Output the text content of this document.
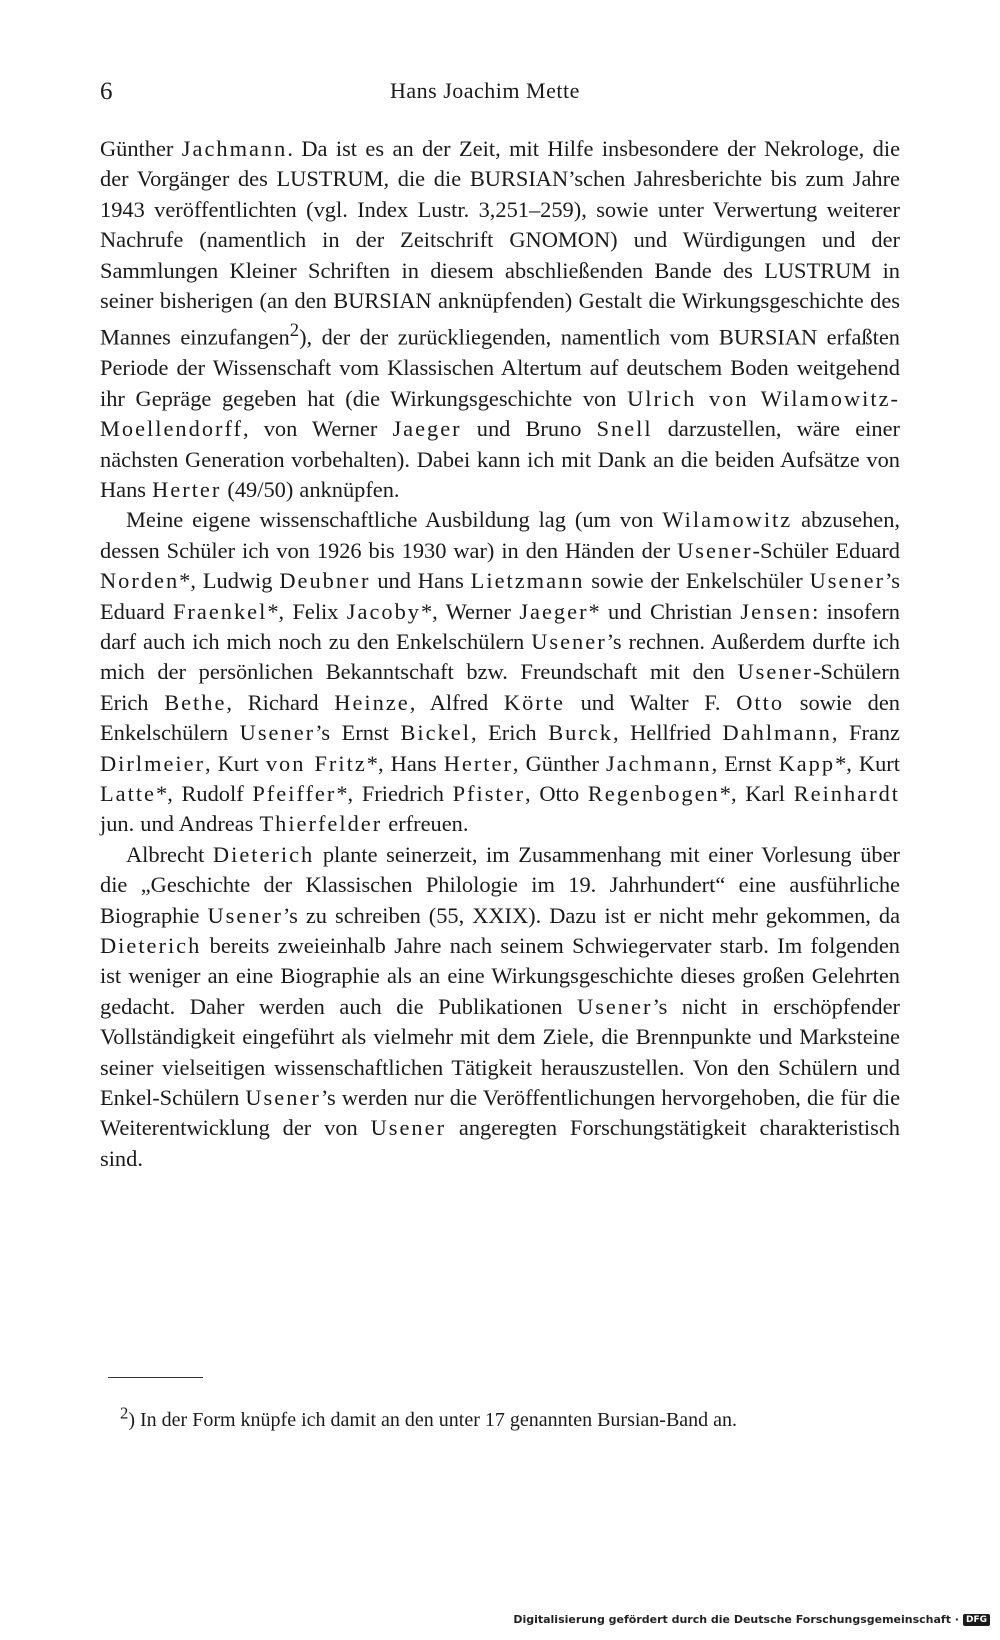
6	Hans Joachim Mette

Günther Jachmann. Da ist es an der Zeit, mit Hilfe insbesondere der Nekrologe, die der Vorgänger des LUSTRUM, die die BURSIAN’schen Jahresberichte bis zum Jahre 1943 veröffentlichten (vgl. Index Lustr. 3,251–259), sowie unter Verwertung weiterer Nachrufe (namentlich in der Zeitschrift GNOMON) und Würdigungen und der Sammlungen Kleiner Schriften in diesem abschließenden Bande des LUSTRUM in seiner bisherigen (an den BURSIAN anknüpfenden) Gestalt die Wirkungsgeschichte des Mannes einzufangen$^2$), der der zurückliegenden, namentlich vom BURSIAN erfaßten Periode der Wissenschaft vom Klassischen Altertum auf deutschem Boden weitgehend ihr Gepräge gegeben hat (die Wirkungsgeschichte von Ulrich von Wilamowitz-Moellendorff, von Werner Jaeger und Bruno Snell darzustellen, wäre einer nächsten Generation vorbehalten). Dabei kann ich mit Dank an die beiden Aufsätze von Hans Herter (49/50) anknüpfen.

Meine eigene wissenschaftliche Ausbildung lag (um von Wilamowitz abzusehen, dessen Schüler ich von 1926 bis 1930 war) in den Händen der Usener-Schüler Eduard Norden*, Ludwig Deubner und Hans Lietzmann sowie der Enkelschüler Usener’s Eduard Fraenkel*, Felix Jacoby*, Werner Jaeger* und Christian Jensen: insofern darf auch ich mich noch zu den Enkelschülern Usener’s rechnen. Außerdem durfte ich mich der persönlichen Bekanntschaft bzw. Freundschaft mit den Usener-Schülern Erich Bethe, Richard Heinze, Alfred Körte und Walter F. Otto sowie den Enkelschülern Usener’s Ernst Bickel, Erich Burck, Hellfried Dahlmann, Franz Dirlmeier, Kurt von Fritz*, Hans Herter, Günther Jachmann, Ernst Kapp*, Kurt Latte*, Rudolf Pfeiffer*, Friedrich Pfister, Otto Regenbogen*, Karl Reinhardt jun. und Andreas Thierfelder erfreuen.

Albrecht Dieterich plante seinerzeit, im Zusammenhang mit einer Vorlesung über die „Geschichte der Klassischen Philologie im 19. Jahrhundert“ eine ausführliche Biographie Usener’s zu schreiben (55, XXIX). Dazu ist er nicht mehr gekommen, da Dieterich bereits zweieinhalb Jahre nach seinem Schwiegervater starb. Im folgenden ist weniger an eine Biographie als an eine Wirkungsgeschichte dieses großen Gelehrten gedacht. Daher werden auch die Publikationen Usener’s nicht in erschöpfender Vollständigkeit eingeführt als vielmehr mit dem Ziele, die Brennpunkte und Marksteine seiner vielseitigen wissenschaftlichen Tätigkeit herauszustellen. Von den Schülern und Enkel-Schülern Usener’s werden nur die Veröffentlichungen hervorgehoben, die für die Weiterentwicklung der von Usener angeregten Forschungstätigkeit charakteristisch sind.

$^2$) In der Form knüpfe ich damit an den unter 17 genannten Bursian-Band an.

Digitalisierung gefördert durch die Deutsche Forschungsgemeinschaft · DFG
